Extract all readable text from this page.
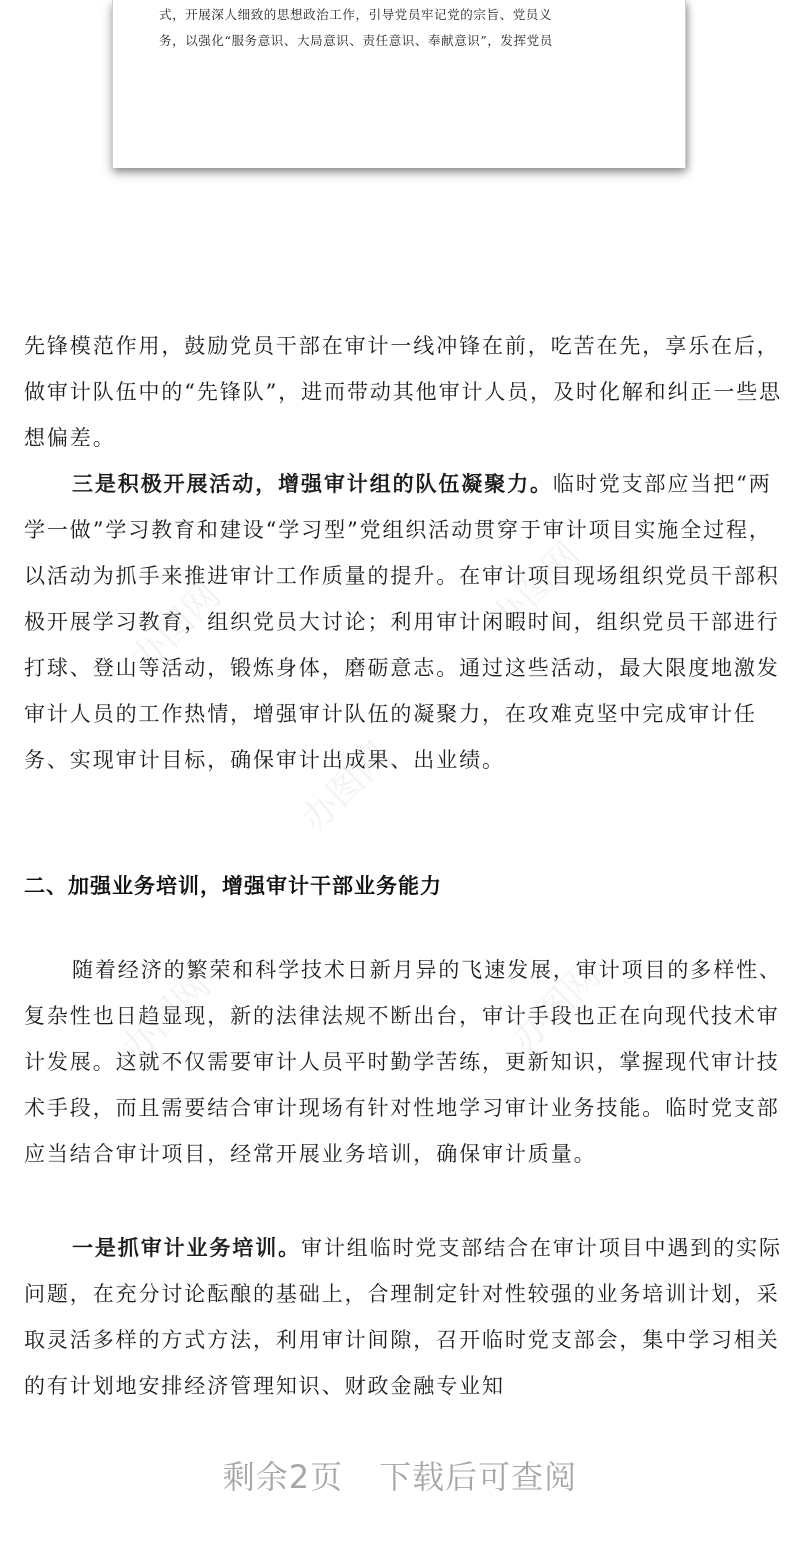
式，开展深人细致的思想政治工作，引导党员牢记党的宗旨、党员义
务，以强化“服务意识、大局意识、责任意识、奉献意识”，发挥党员
办图网	办图网
办图网
办图网	办图网
先锋模范作用，鼓励党员干部在审计一线冲锋在前，吃苦在先，享乐在后，做审计队伍中的“先锋队”，进而带动其他审计人员，及时化解和纠正一些思想偏差。
三是积极开展活动，增强审计组的队伍凝聚力。临时党支部应当把“两学一做”学习教育和建设“学习型”党组织活动贯穿于审计项目实施全过程，以活动为抓手来推进审计工作质量的提升。在审计项目现场组织党员干部积极开展学习教育，组织党员大讨论；利用审计闲暇时间，组织党员干部进行打球、登山等活动，锻炼身体，磨砺意志。通过这些活动，最大限度地激发审计人员的工作热情，增强审计队伍的凝聚力，在攻难克坚中完成审计任务、实现审计目标，确保审计出成果、出业绩。
二、加强业务培训，增强审计干部业务能力
随着经济的繁荣和科学技术日新月异的飞速发展，审计项目的多样性、复杂性也日趋显现，新的法律法规不断出台，审计手段也正在向现代技术审计发展。这就不仅需要审计人员平时勤学苦练，更新知识，掌握现代审计技术手段，而且需要结合审计现场有针对性地学习审计业务技能。临时党支部应当结合审计项目，经常开展业务培训，确保审计质量。
一是抓审计业务培训。审计组临时党支部结合在审计项目中遇到的实际问题，在充分讨论酝酿的基础上，合理制定针对性较强的业务培训计划，采取灵活多样的方式方法，利用审计间隙，召开临时党支部会，集中学习相关的有计划地安排经济管理知识、财政金融专业知
剩余2页 下载后可查阅
